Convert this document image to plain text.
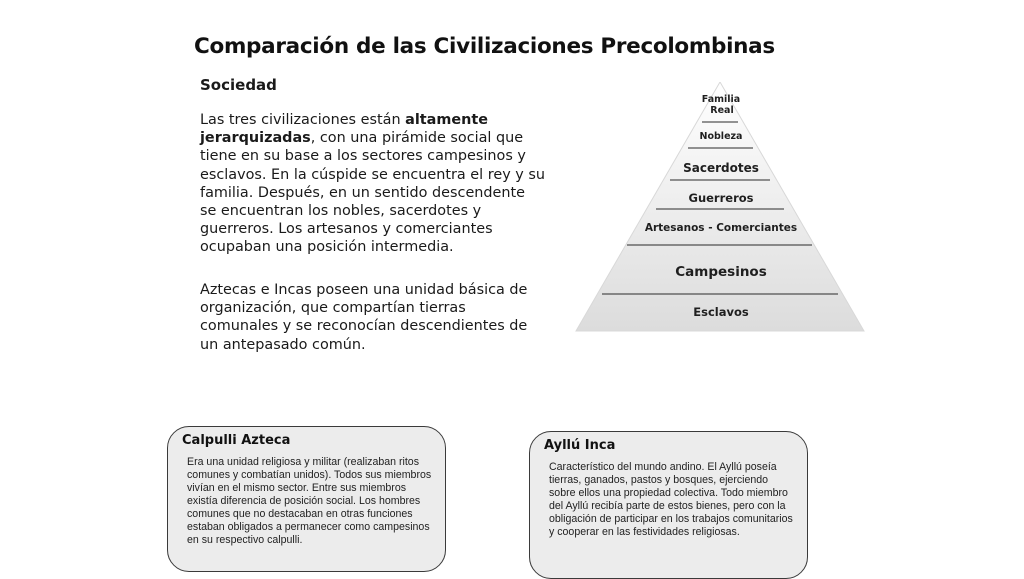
Comparación de las Civilizaciones Precolombinas
Sociedad

Las tres civilizaciones están altamente jerarquizadas, con una pirámide social que tiene en su base a los sectores campesinos y esclavos. En la cúspide se encuentra el rey y su familia. Después, en un sentido descendente se encuentran los nobles, sacerdotes y guerreros. Los artesanos y comerciantes ocupaban una posición intermedia.

Aztecas e Incas poseen una unidad básica de organización, que compartían tierras comunales y se reconocían descendientes de un antepasado común.

Familia Real
Nobleza
Sacerdotes
Guerreros
Artesanos - Comerciantes
Campesinos
Esclavos
Calpulli Azteca

Era una unidad religiosa y militar (realizaban ritos comunes y combatían unidos). Todos sus miembros vivían en el mismo sector. Entre sus miembros existía diferencia de posición social. Los hombres comunes que no destacaban en otras funciones estaban obligados a permanecer como campesinos en su respectivo calpulli.

Ayllú Inca

Característico del mundo andino. El Ayllú poseía tierras, ganados, pastos y bosques, ejerciendo sobre ellos una propiedad colectiva. Todo miembro del Ayllú recibía parte de estos bienes, pero con la obligación de participar en los trabajos comunitarios y cooperar en las festividades religiosas.
